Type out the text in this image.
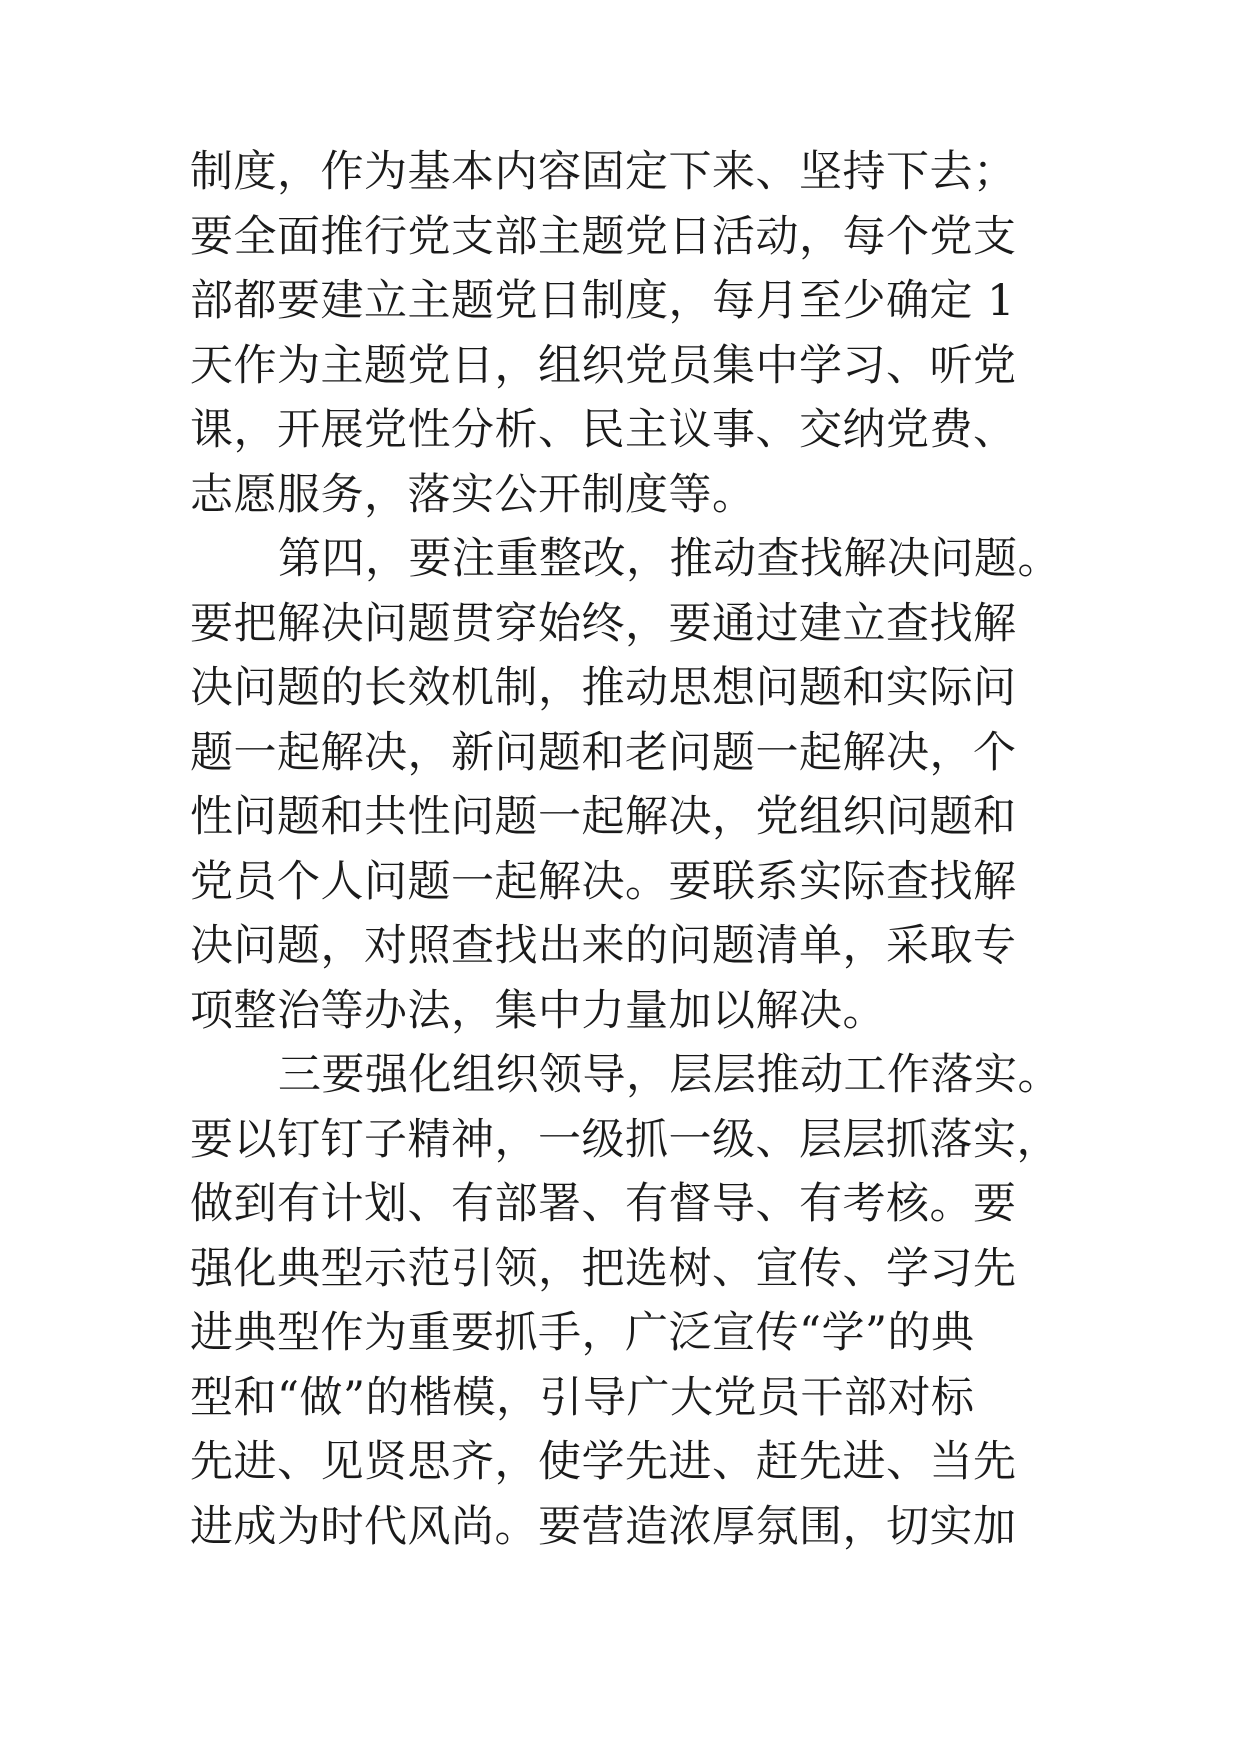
制度，作为基本内容固定下来、坚持下去；
要全面推行党支部主题党日活动，每个党支
部都要建立主题党日制度，每月至少确定 1
天作为主题党日，组织党员集中学习、听党
课，开展党性分析、民主议事、交纳党费、
志愿服务，落实公开制度等。
第四，要注重整改，推动查找解决问题。
要把解决问题贯穿始终，要通过建立查找解
决问题的长效机制，推动思想问题和实际问
题一起解决，新问题和老问题一起解决，个
性问题和共性问题一起解决，党组织问题和
党员个人问题一起解决。要联系实际查找解
决问题，对照查找出来的问题清单，采取专
项整治等办法，集中力量加以解决。
三要强化组织领导，层层推动工作落实。
要以钉钉子精神，一级抓一级、层层抓落实，
做到有计划、有部署、有督导、有考核。要
强化典型示范引领，把选树、宣传、学习先
进典型作为重要抓手，广泛宣传“学”的典
型和“做”的楷模，引导广大党员干部对标
先进、见贤思齐，使学先进、赶先进、当先
进成为时代风尚。要营造浓厚氛围，切实加
